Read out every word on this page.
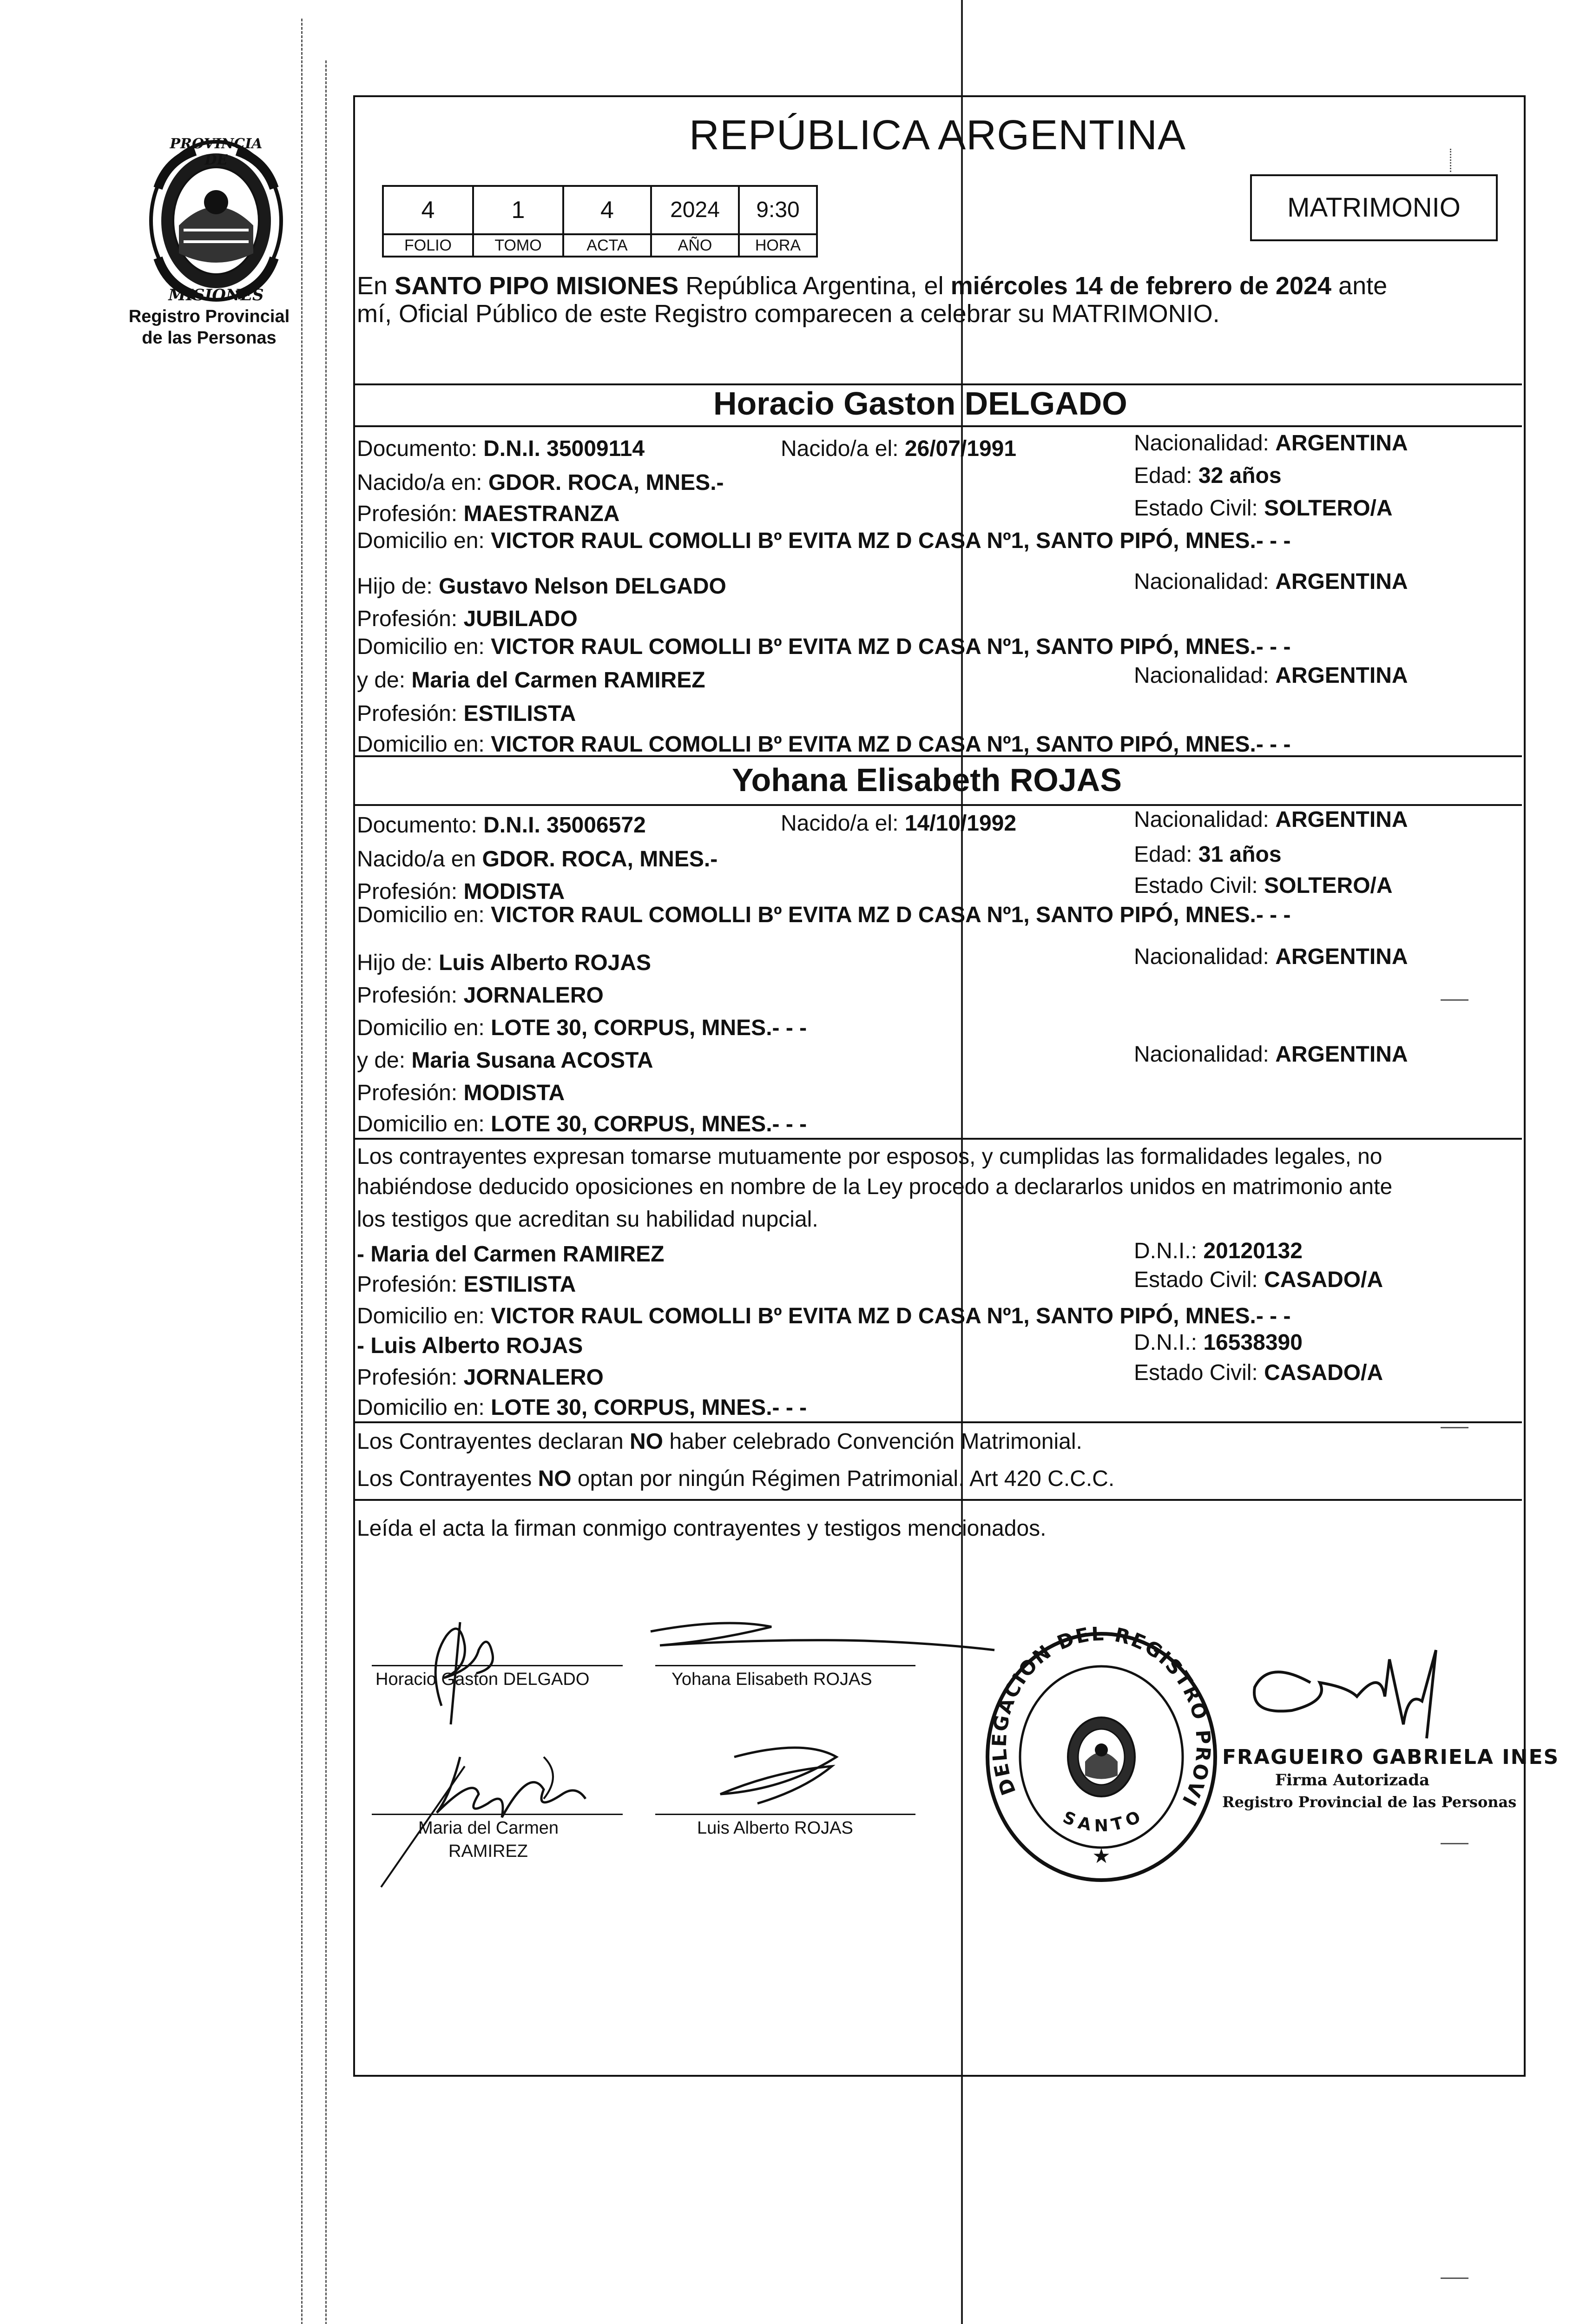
PROVINCIA DE
MISIONES
Registro Provincial
de las Personas
REPÚBLICA ARGENTINA
4	1	4	2024	9:30
FOLIO	TOMO	ACTA	AÑO	HORA
MATRIMONIO
En SANTO PIPO MISIONES República Argentina, el miércoles 14 de febrero de 2024 ante
mí, Oficial Público de este Registro comparecen a celebrar su MATRIMONIO.
Horacio Gaston DELGADO
Documento: D.N.I. 35009114	Nacido/a el: 26/07/1991	Nacionalidad: ARGENTINA
Nacido/a en: GDOR. ROCA, MNES.-	Edad: 32 años
Profesión: MAESTRANZA	Estado Civil: SOLTERO/A
Domicilio en: VICTOR RAUL COMOLLI Bº EVITA MZ D CASA Nº1, SANTO PIPÓ, MNES.- - -
Hijo de: Gustavo Nelson DELGADO	Nacionalidad: ARGENTINA
Profesión: JUBILADO
Domicilio en: VICTOR RAUL COMOLLI Bº EVITA MZ D CASA Nº1, SANTO PIPÓ, MNES.- - -
y de: Maria del Carmen RAMIREZ	Nacionalidad: ARGENTINA
Profesión: ESTILISTA
Domicilio en: VICTOR RAUL COMOLLI Bº EVITA MZ D CASA Nº1, SANTO PIPÓ, MNES.- - -
Yohana Elisabeth ROJAS
Documento: D.N.I. 35006572	Nacido/a el: 14/10/1992	Nacionalidad: ARGENTINA
Nacido/a en GDOR. ROCA, MNES.-	Edad: 31 años
Profesión: MODISTA	Estado Civil: SOLTERO/A
Domicilio en: VICTOR RAUL COMOLLI Bº EVITA MZ D CASA Nº1, SANTO PIPÓ, MNES.- - -
Hijo de: Luis Alberto ROJAS	Nacionalidad: ARGENTINA
Profesión: JORNALERO
Domicilio en: LOTE 30, CORPUS, MNES.- - -
y de: Maria Susana ACOSTA	Nacionalidad: ARGENTINA
Profesión: MODISTA
Domicilio en: LOTE 30, CORPUS, MNES.- - -
Los contrayentes expresan tomarse mutuamente por esposos, y cumplidas las formalidades legales, no
habiéndose deducido oposiciones en nombre de la Ley procedo a declararlos unidos en matrimonio ante
los testigos que acreditan su habilidad nupcial.
- Maria del Carmen RAMIREZ	D.N.I.: 20120132
Profesión: ESTILISTA	Estado Civil: CASADO/A
Domicilio en: VICTOR RAUL COMOLLI Bº EVITA MZ D CASA Nº1, SANTO PIPÓ, MNES.- - -
- Luis Alberto ROJAS	D.N.I.: 16538390
Profesión: JORNALERO	Estado Civil: CASADO/A
Domicilio en: LOTE 30, CORPUS, MNES.- - -
Los Contrayentes declaran NO haber celebrado Convención Matrimonial.
Los Contrayentes NO optan por ningún Régimen Patrimonial. Art 420 C.C.C.
Leída el acta la firman conmigo contrayentes y testigos mencionados.
Horacio Gaston DELGADO	Yohana Elisabeth ROJAS
Maria del Carmen
RAMIREZ
Luis Alberto ROJAS
DELEGACION DEL REGISTRO PROVI
SANTO
★
FRAGUEIRO GABRIELA INES
Firma Autorizada
Registro Provincial de las Personas
